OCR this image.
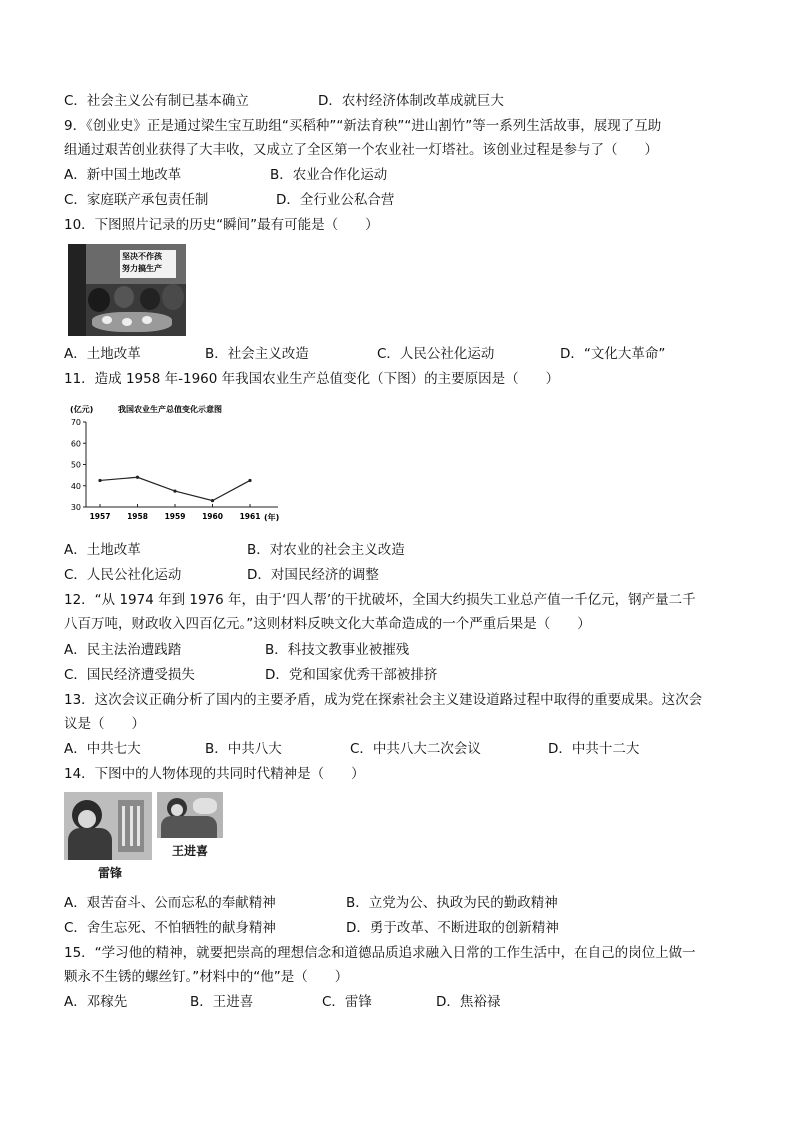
C．社会主义公有制已基本确立	D．农村经济体制改革成就巨大
9．《创业史》正是通过梁生宝互助组“买稻种”“新法育秧”“进山割竹”等一系列生活故事，展现了互助
组通过艰苦创业获得了大丰收，又成立了全区第一个农业社一灯塔社。该创业过程是参与了（　　）
A．新中国土地改革	B．农业合作化运动
C．家庭联产承包责任制	D．全行业公私合营
10．下图照片记录的历史“瞬间”最有可能是（　　）
坚决不作孩
努力搞生产
A．土地改革	B．社会主义改造	C．人民公社化运动	D．“文化大革命”
11．造成 1958 年-1960 年我国农业生产总值变化（下图）的主要原因是（　　）
(亿元)	我国农业生产总值变化示意图
30
40
50
60
70
1957 1958 1959 1960 1961 (年)
A．土地改革	B．对农业的社会主义改造
C．人民公社化运动	D．对国民经济的调整
12．“从 1974 年到 1976 年，由于‘四人帮’的干扰破坏，全国大约损失工业总产值一千亿元，钢产量二千
八百万吨，财政收入四百亿元。”这则材料反映文化大革命造成的一个严重后果是（　　）
A．民主法治遭践踏	B．科技文教事业被摧残
C．国民经济遭受损失	D．党和国家优秀干部被排挤
13．这次会议正确分析了国内的主要矛盾，成为党在探索社会主义建设道路过程中取得的重要成果。这次会
议是（　　）
A．中共七大	B．中共八大	C．中共八大二次会议	D．中共十二大
14．下图中的人物体现的共同时代精神是（　　）
雷锋
王进喜
A．艰苦奋斗、公而忘私的奉献精神	B．立党为公、执政为民的勤政精神
C．舍生忘死、不怕牺牲的献身精神	D．勇于改革、不断进取的创新精神
15．“学习他的精神，就要把崇高的理想信念和道德品质追求融入日常的工作生活中，在自己的岗位上做一
颗永不生锈的螺丝钉。”材料中的“他”是（　　）
A．邓稼先	B．王进喜	C．雷锋	D．焦裕禄
